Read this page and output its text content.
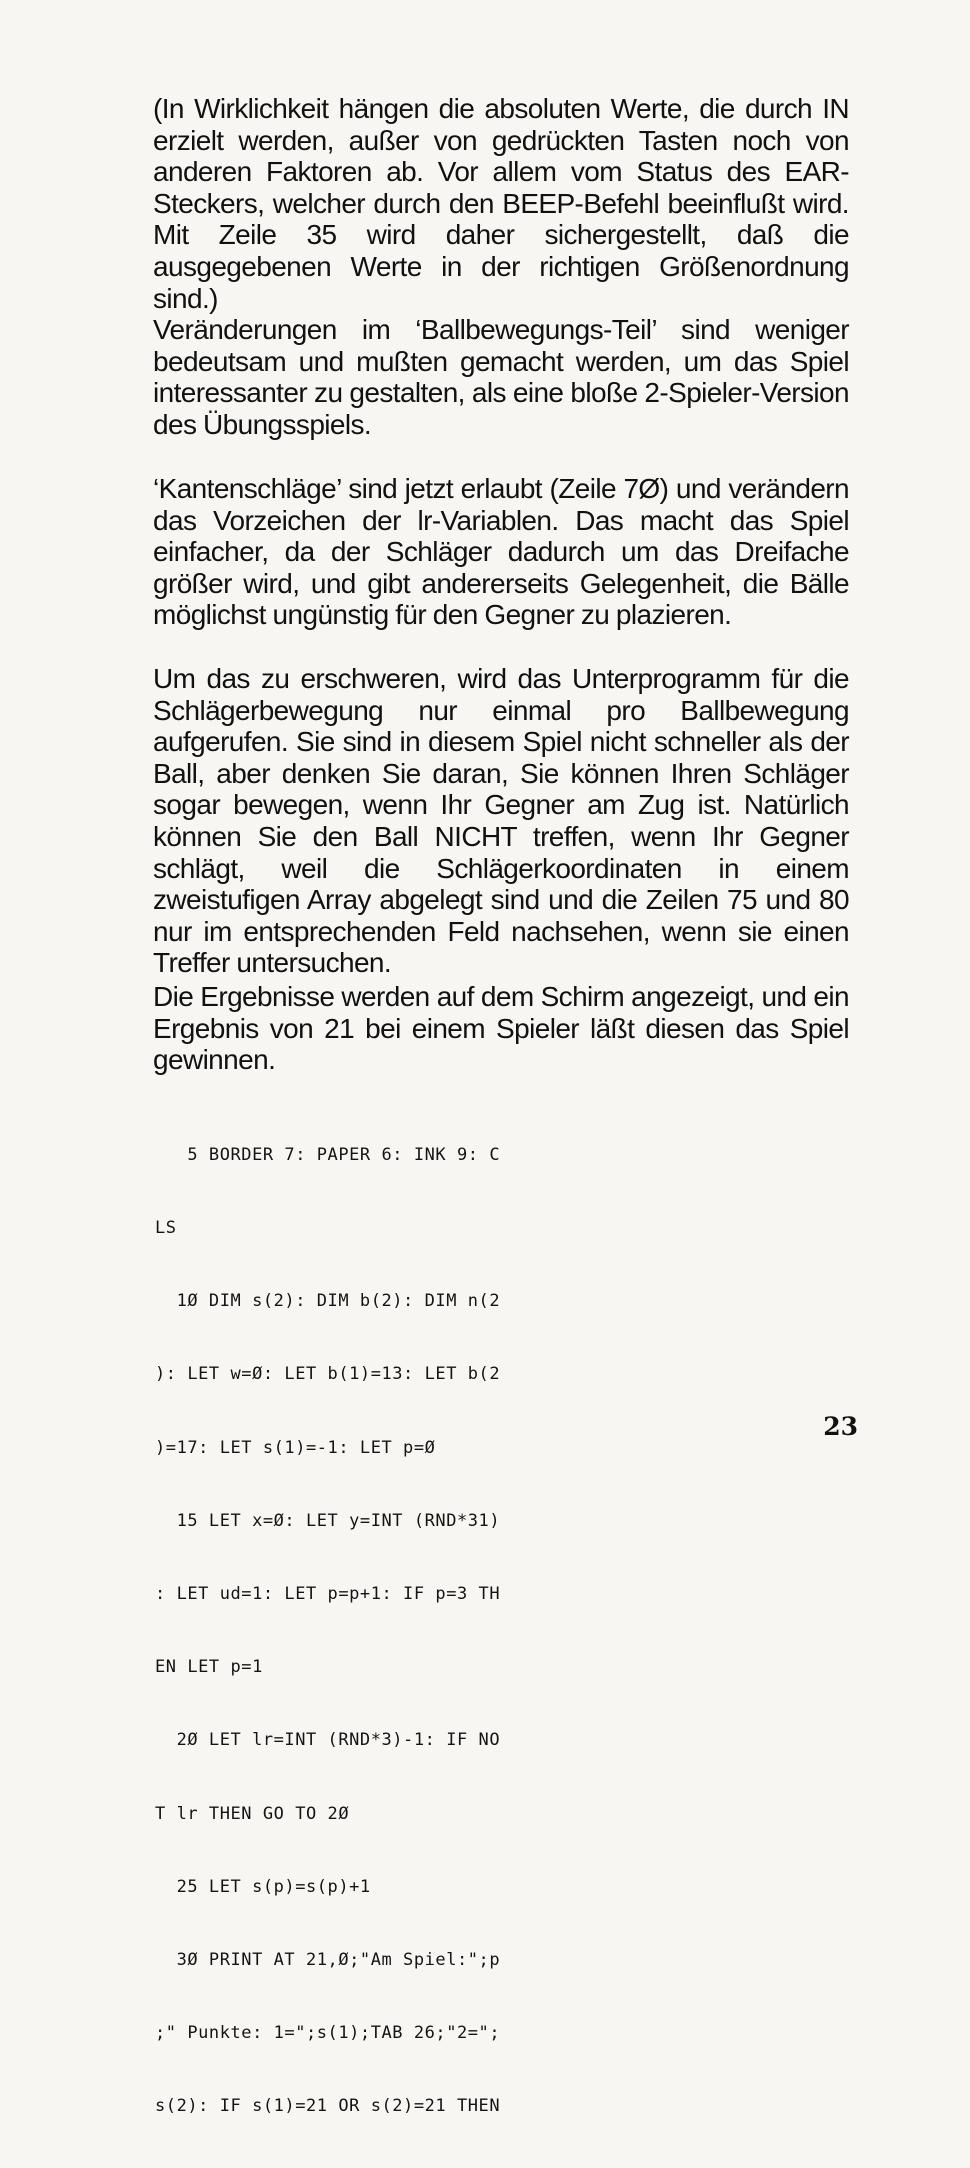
(In Wirklichkeit hängen die absoluten Werte, die durch IN erzielt werden, außer von gedrückten Tasten noch von anderen Faktoren ab. Vor allem vom Status des EAR-Steckers, welcher durch den BEEP-Befehl beeinflußt wird. Mit Zeile 35 wird daher sichergestellt, daß die ausgegebenen Werte in der richtigen Größenordnung sind.)

Veränderungen im ‘Ballbewegungs-Teil’ sind weniger bedeutsam und mußten gemacht werden, um das Spiel interessanter zu gestalten, als eine bloße 2-Spieler-Version des Übungsspiels.

‘Kantenschläge’ sind jetzt erlaubt (Zeile 7Ø) und verändern das Vorzeichen der lr-Variablen. Das macht das Spiel einfacher, da der Schläger dadurch um das Dreifache größer wird, und gibt andererseits Gelegenheit, die Bälle möglichst ungünstig für den Gegner zu plazieren.

Um das zu erschweren, wird das Unterprogramm für die Schlägerbewegung nur einmal pro Ballbewegung aufgerufen. Sie sind in diesem Spiel nicht schneller als der Ball, aber denken Sie daran, Sie können Ihren Schläger sogar bewegen, wenn Ihr Gegner am Zug ist. Natürlich können Sie den Ball NICHT treffen, wenn Ihr Gegner schlägt, weil die Schlägerkoordinaten in einem zweistufigen Array abgelegt sind und die Zeilen 75 und 80 nur im entsprechenden Feld nachsehen, wenn sie einen Treffer untersuchen.

Die Ergebnisse werden auf dem Schirm angezeigt, und ein Ergebnis von 21 bei einem Spieler läßt diesen das Spiel gewinnen.

5 BORDER 7: PAPER 6: INK 9: C

LS

1Ø DIM s(2): DIM b(2): DIM n(2

): LET w=Ø: LET b(1)=13: LET b(2

)=17: LET s(1)=-1: LET p=Ø

15 LET x=Ø: LET y=INT (RND*31)

: LET ud=1: LET p=p+1: IF p=3 TH

EN LET p=1

2Ø LET lr=INT (RND*3)-1: IF NO

T lr THEN GO TO 2Ø

25 LET s(p)=s(p)+1

3Ø PRINT AT 21,Ø;"Am Spiel:";p

;" Punkte: 1=";s(1);TAB 26;"2=";

s(2): IF s(1)=21 OR s(2)=21 THEN

23
